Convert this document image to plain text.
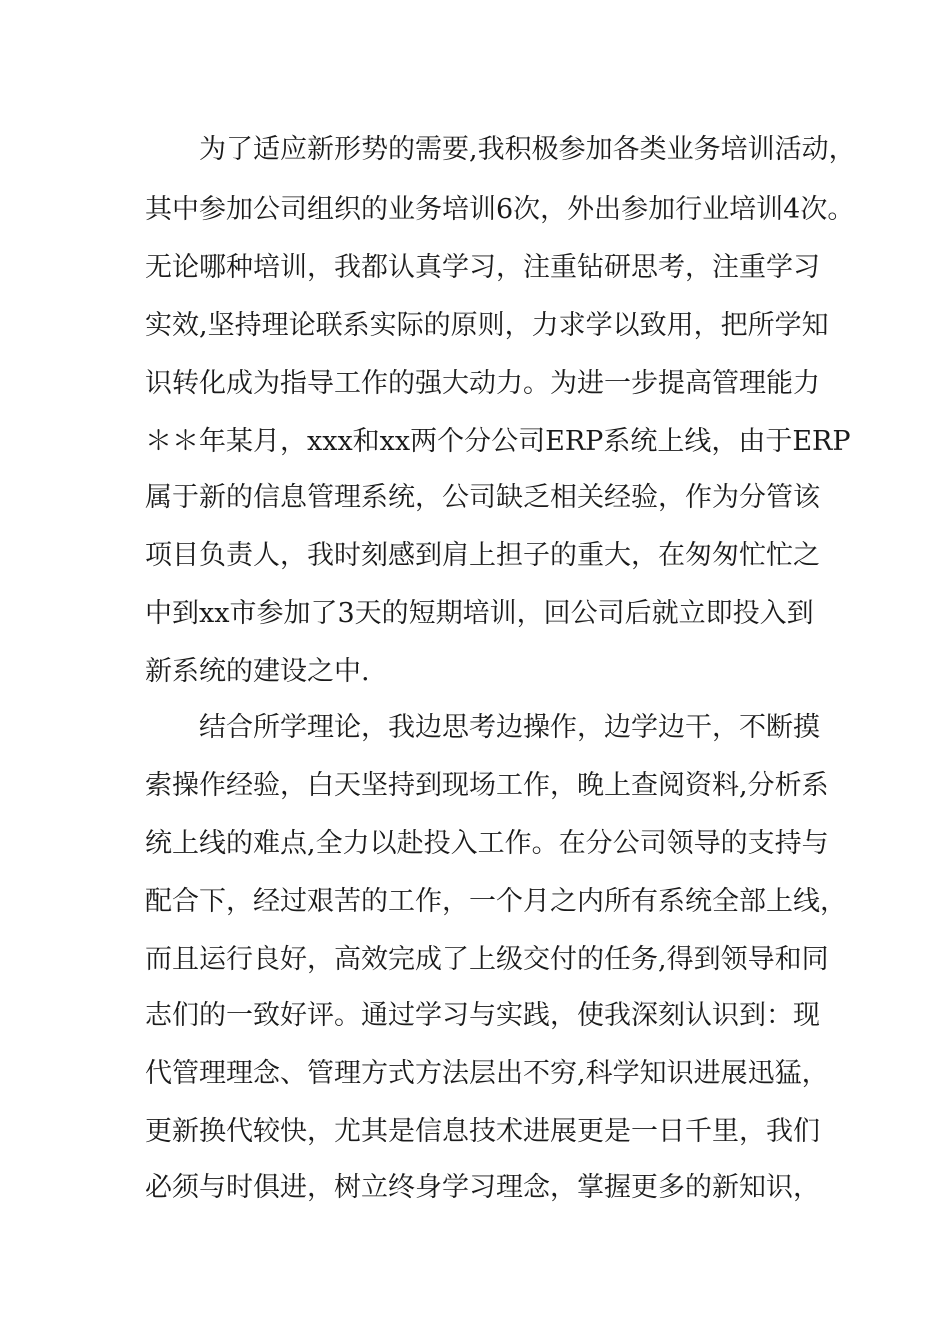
为了适应新形势的需要,我积极参加各类业务培训活动，
其中参加公司组织的业务培训6次，外出参加行业培训4次。
无论哪种培训，我都认真学习，注重钻研思考，注重学习
实效,坚持理论联系实际的原则，力求学以致用，把所学知
识转化成为指导工作的强大动力。为进一步提高管理能力
＊＊年某月，xxx和xx两个分公司ERP系统上线，由于ERP
属于新的信息管理系统，公司缺乏相关经验，作为分管该
项目负责人，我时刻感到肩上担子的重大，在匆匆忙忙之
中到xx市参加了3天的短期培训，回公司后就立即投入到
新系统的建设之中.
结合所学理论，我边思考边操作，边学边干，不断摸
索操作经验，白天坚持到现场工作，晚上查阅资料,分析系
统上线的难点,全力以赴投入工作。在分公司领导的支持与
配合下，经过艰苦的工作，一个月之内所有系统全部上线，
而且运行良好，高效完成了上级交付的任务,得到领导和同
志们的一致好评。通过学习与实践，使我深刻认识到：现
代管理理念、管理方式方法层出不穷,科学知识进展迅猛，
更新换代较快，尤其是信息技术进展更是一日千里，我们
必须与时俱进，树立终身学习理念，掌握更多的新知识，
